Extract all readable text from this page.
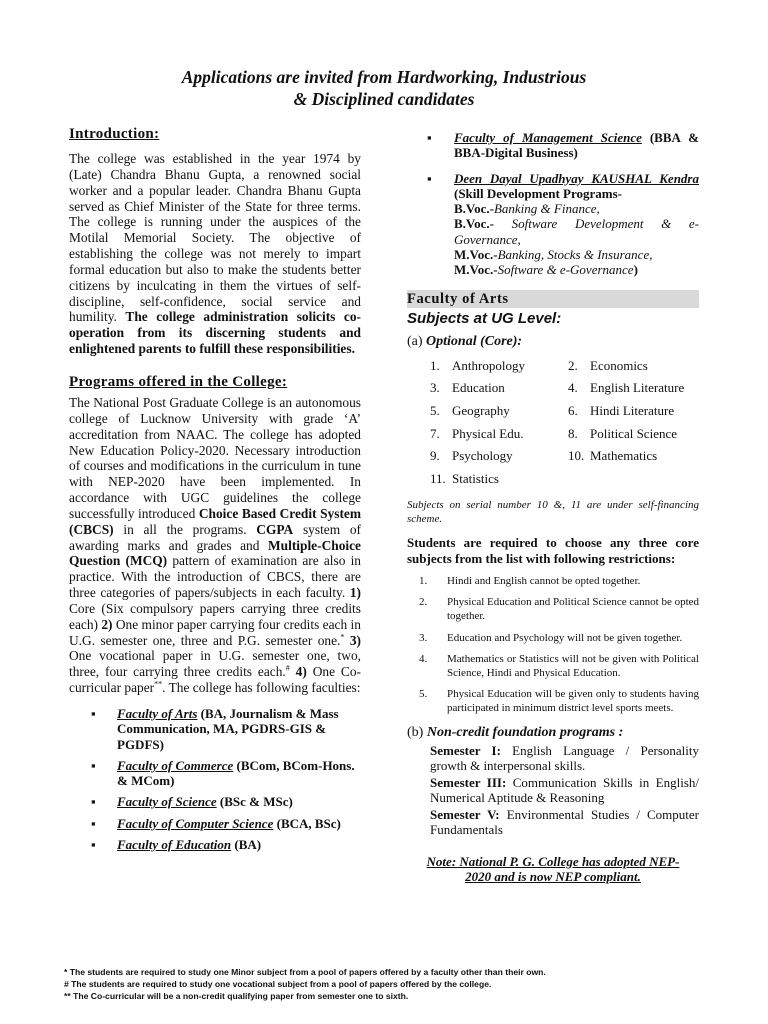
Applications are invited from Hardworking, Industrious
& Disciplined candidates
Introduction:

The college was established in the year 1974 by (Late) Chandra Bhanu Gupta, a renowned social worker and a popular leader. Chandra Bhanu Gupta served as Chief Minister of the State for three terms. The college is running under the auspices of the Motilal Memorial Society. The objective of establishing the college was not merely to impart formal education but also to make the students better citizens by inculcating in them the virtues of self-discipline, self-confidence, social service and humility. The college administration solicits co-operation from its discerning students and enlightened parents to fulfill these responsibilities.

Programs offered in the College:

The National Post Graduate College is an autonomous college of Lucknow University with grade ‘A’ accreditation from NAAC. The college has adopted New Education Policy-2020. Necessary introduction of courses and modifications in the curriculum in tune with NEP-2020 have been implemented. In accordance with UGC guidelines the college successfully introduced Choice Based Credit System (CBCS) in all the programs. CGPA system of awarding marks and grades and Multiple-Choice Question (MCQ) pattern of examination are also in practice. With the introduction of CBCS, there are three categories of papers/subjects in each faculty. 1) Core (Six compulsory papers carrying three credits each) 2) One minor paper carrying four credits each in U.G. semester one, three and P.G. semester one.* 3) One vocational paper in U.G. semester one, two, three, four carrying three credits each.# 4) One Co-curricular paper**. The college has following faculties:

▪ Faculty of Arts (BA, Journalism & Mass Communication, MA, PGDRS-GIS & PGDFS)
▪ Faculty of Commerce (BCom, BCom-Hons. & MCom)
▪ Faculty of Science (BSc & MSc)
▪ Faculty of Computer Science (BCA, BSc)
▪ Faculty of Education (BA)
▪ Faculty of Management Science (BBA & BBA-Digital Business)
▪ Deen Dayal Upadhyay KAUSHAL Kendra (Skill Development Programs-
B.Voc.-Banking & Finance,
B.Voc.- Software Development & e-Governance,
M.Voc.-Banking, Stocks & Insurance,
M.Voc.-Software & e-Governance)
Faculty of Arts
Subjects at UG Level:
(a) Optional (Core):
1. Anthropology	2. Economics
3. Education	4. English Literature
5. Geography	6. Hindi Literature
7. Physical Edu.	8. Political Science
9. Psychology	10. Mathematics
11. Statistics

Subjects on serial number 10 &, 11 are under self-financing scheme.

Students are required to choose any three core subjects from the list with following restrictions:

1. Hindi and English cannot be opted together.
2. Physical Education and Political Science cannot be opted together.
3. Education and Psychology will not be given together.
4. Mathematics or Statistics will not be given with Political Science, Hindi and Physical Education.
5. Physical Education will be given only to students having participated in minimum district level sports meets.
(b) Non-credit foundation programs :
Semester I: English Language / Personality growth & interpersonal skills.
Semester III: Communication Skills in English/ Numerical Aptitude & Reasoning
Semester V: Environmental Studies / Computer Fundamentals
Note: National P. G. College has adopted NEP-
2020 and is now NEP compliant.
* The students are required to study one Minor subject from a pool of papers offered by a faculty other than their own.
# The students are required to study one vocational subject from a pool of papers offered by the college.
** The Co-curricular will be a non-credit qualifying paper from semester one to sixth.
